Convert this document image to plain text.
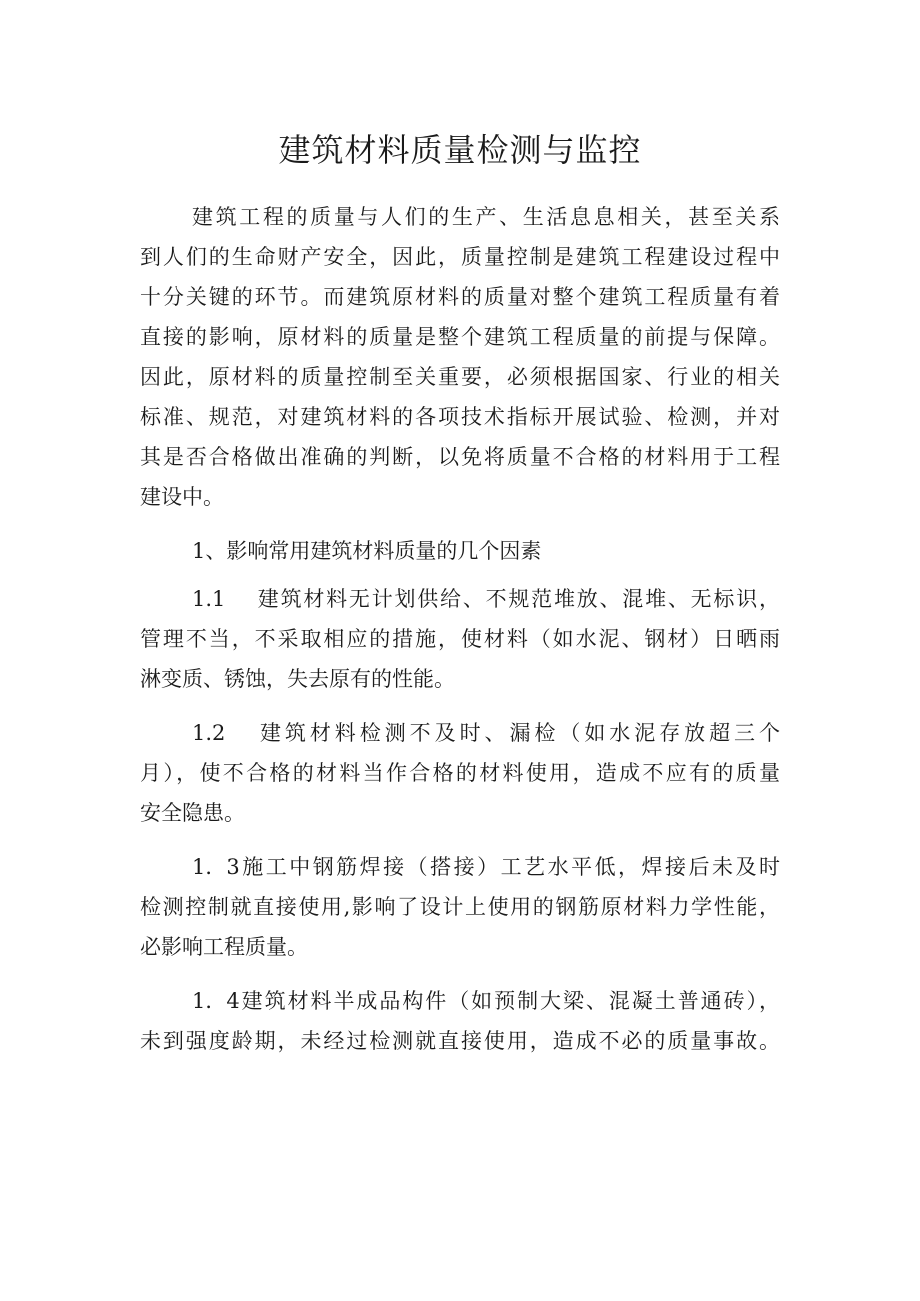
建筑材料质量检测与监控

建筑工程的质量与人们的生产、生活息息相关，甚至关系

到人们的生命财产安全，因此，质量控制是建筑工程建设过程中

十分关键的环节。而建筑原材料的质量对整个建筑工程质量有着

直接的影响，原材料的质量是整个建筑工程质量的前提与保障。

因此，原材料的质量控制至关重要，必须根据国家、行业的相关

标准、规范，对建筑材料的各项技术指标开展试验、检测，并对

其是否合格做出准确的判断，以免将质量不合格的材料用于工程

建设中。

1、影响常用建筑材料质量的几个因素

1.1 建筑材料无计划供给、不规范堆放、混堆、无标识，

管理不当，不采取相应的措施，使材料（如水泥、钢材）日晒雨

淋变质、锈蚀，失去原有的性能。

1.2 建筑材料检测不及时、漏检（如水泥存放超三个

月），使不合格的材料当作合格的材料使用，造成不应有的质量

安全隐患。

1．3施工中钢筋焊接（搭接）工艺水平低，焊接后未及时

检测控制就直接使用,影响了设计上使用的钢筋原材料力学性能，

必影响工程质量。

1．4建筑材料半成品构件（如预制大梁、混凝土普通砖），

未到强度龄期，未经过检测就直接使用，造成不必的质量事故。
